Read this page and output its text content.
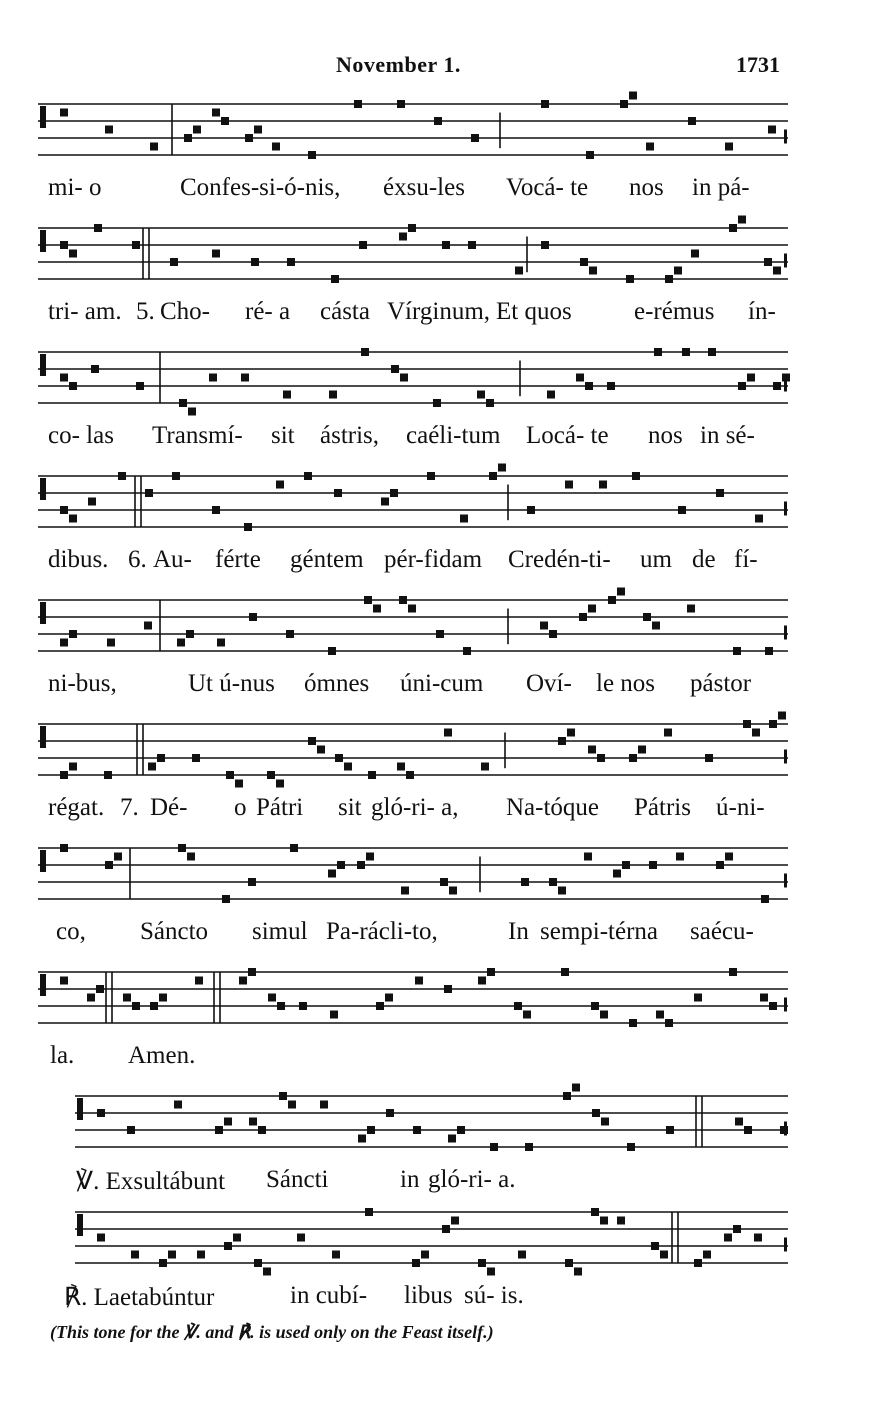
November 1.	1731
mi- o	Confes-si-ó-nis, éxsu-les Vocá- te nos in pá-
tri- am. 5. Cho- ré- a cásta Vírginum, Et quos e-rémus ín-
co- las Transmí- sit ástris, caéli-tum Locá- te nos in sé-
dibus. 6. Au- férte géntem pér-fidam Credén-ti- um de fí-
ni-bus,	Ut ú-nus ómnes úni-cum Oví- le nos pástor
régat. 7. Dé- o Pátri sit gló-ri- a, Na-tóque Pátris ú-ni-
co, Sáncto simul Pa-rácli-to,	In sempi-térna saécu-
la. Amen.
℣. Exsultábunt Sáncti	in gló-ri- a.
℟. Laetabúntur	in cubí- libus sú- is.
(This tone for the ℣. and ℟. is used only on the Feast itself.)
